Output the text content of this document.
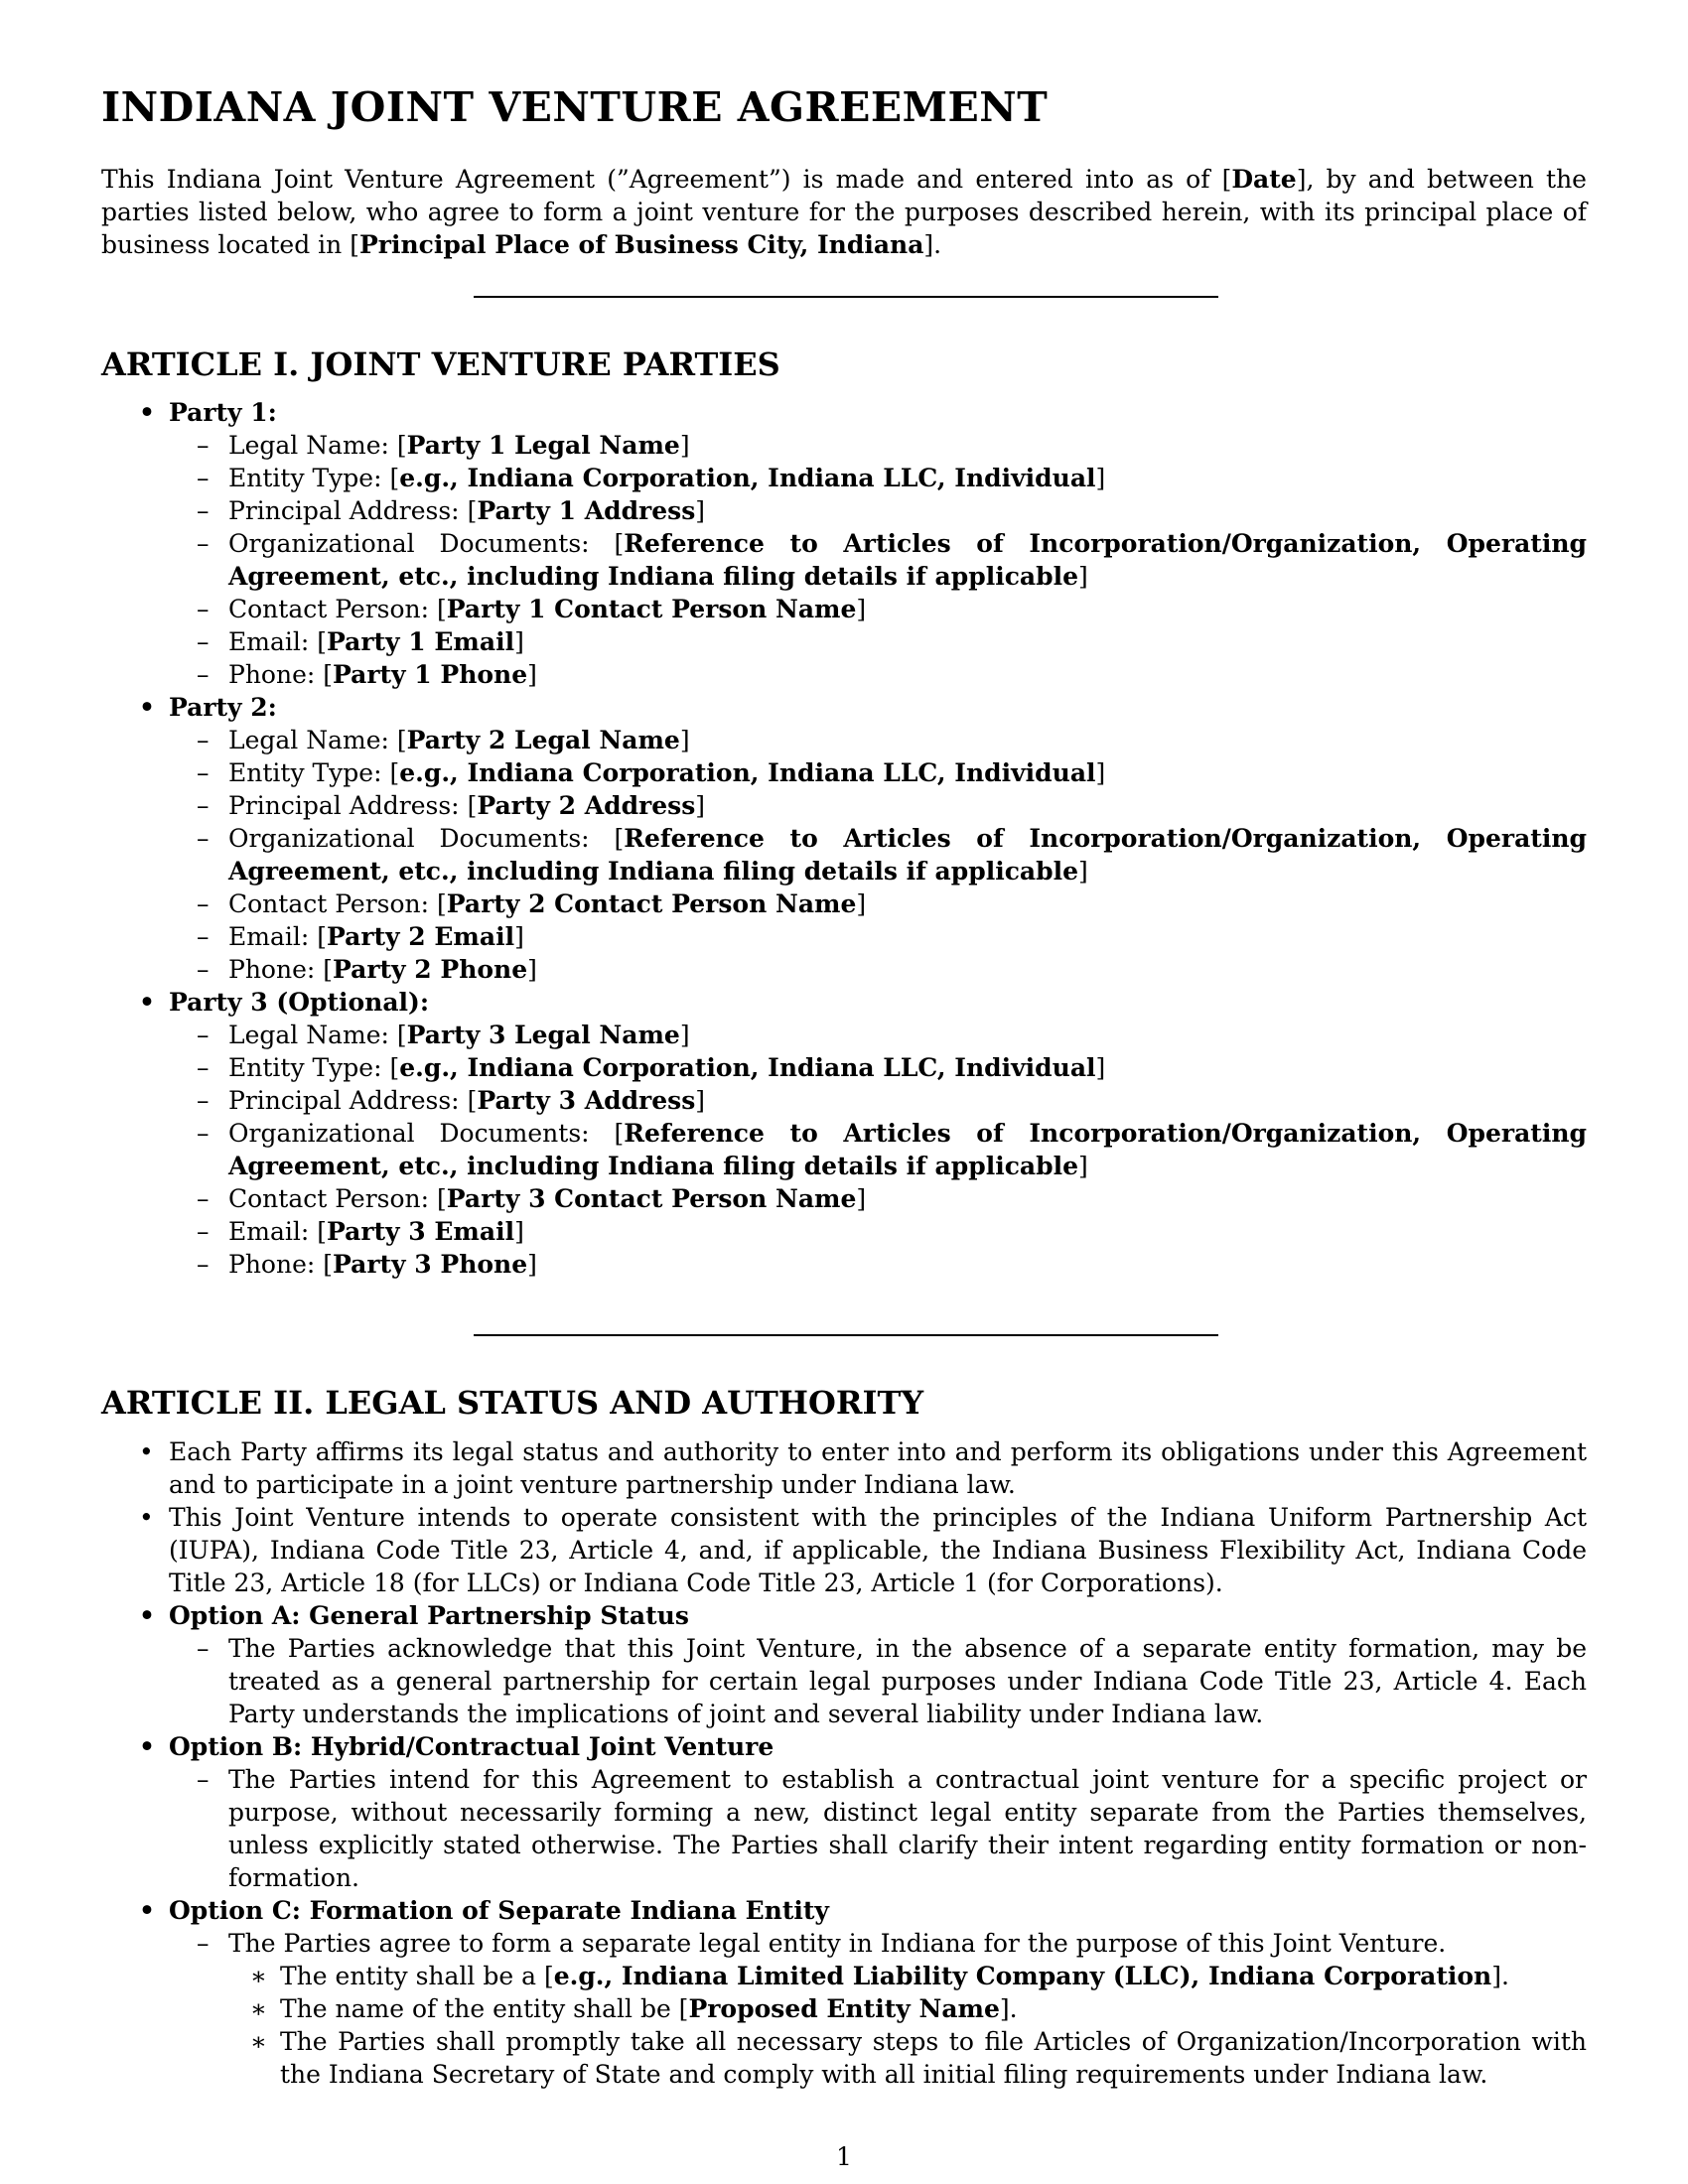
INDIANA JOINT VENTURE AGREEMENT

This Indiana Joint Venture Agreement (”Agreement”) is made and entered into as of [Date], by and between the parties listed below, who agree to form a joint venture for the purposes described herein, with its principal place of business located in [Principal Place of Business City, Indiana].

ARTICLE I. JOINT VENTURE PARTIES
• Party 1:
– Legal Name: [Party 1 Legal Name]
– Entity Type: [e.g., Indiana Corporation, Indiana LLC, Individual]
– Principal Address: [Party 1 Address]
– Organizational Documents: [Reference to Articles of Incorporation/Organization, Operating Agreement, etc., including Indiana filing details if applicable]
– Contact Person: [Party 1 Contact Person Name]
– Email: [Party 1 Email]
– Phone: [Party 1 Phone]
• Party 2:
– Legal Name: [Party 2 Legal Name]
– Entity Type: [e.g., Indiana Corporation, Indiana LLC, Individual]
– Principal Address: [Party 2 Address]
– Organizational Documents: [Reference to Articles of Incorporation/Organization, Operating Agreement, etc., including Indiana filing details if applicable]
– Contact Person: [Party 2 Contact Person Name]
– Email: [Party 2 Email]
– Phone: [Party 2 Phone]
• Party 3 (Optional):
– Legal Name: [Party 3 Legal Name]
– Entity Type: [e.g., Indiana Corporation, Indiana LLC, Individual]
– Principal Address: [Party 3 Address]
– Organizational Documents: [Reference to Articles of Incorporation/Organization, Operating Agreement, etc., including Indiana filing details if applicable]
– Contact Person: [Party 3 Contact Person Name]
– Email: [Party 3 Email]
– Phone: [Party 3 Phone]
ARTICLE II. LEGAL STATUS AND AUTHORITY
• Each Party affirms its legal status and authority to enter into and perform its obligations under this Agreement and to participate in a joint venture partnership under Indiana law.
• This Joint Venture intends to operate consistent with the principles of the Indiana Uniform Partnership Act (IUPA), Indiana Code Title 23, Article 4, and, if applicable, the Indiana Business Flexibility Act, Indiana Code Title 23, Article 18 (for LLCs) or Indiana Code Title 23, Article 1 (for Corporations).
• Option A: General Partnership Status
– The Parties acknowledge that this Joint Venture, in the absence of a separate entity formation, may be treated as a general partnership for certain legal purposes under Indiana Code Title 23, Article 4. Each Party understands the implications of joint and several liability under Indiana law.
• Option B: Hybrid/Contractual Joint Venture
– The Parties intend for this Agreement to establish a contractual joint venture for a specific project or purpose, without necessarily forming a new, distinct legal entity separate from the Parties themselves, unless explicitly stated otherwise. The Parties shall clarify their intent regarding entity formation or non-formation.
• Option C: Formation of Separate Indiana Entity
– The Parties agree to form a separate legal entity in Indiana for the purpose of this Joint Venture.
∗ The entity shall be a [e.g., Indiana Limited Liability Company (LLC), Indiana Corporation].
∗ The name of the entity shall be [Proposed Entity Name].
∗ The Parties shall promptly take all necessary steps to file Articles of Organization/Incorporation with the Indiana Secretary of State and comply with all initial filing requirements under Indiana law.
1
